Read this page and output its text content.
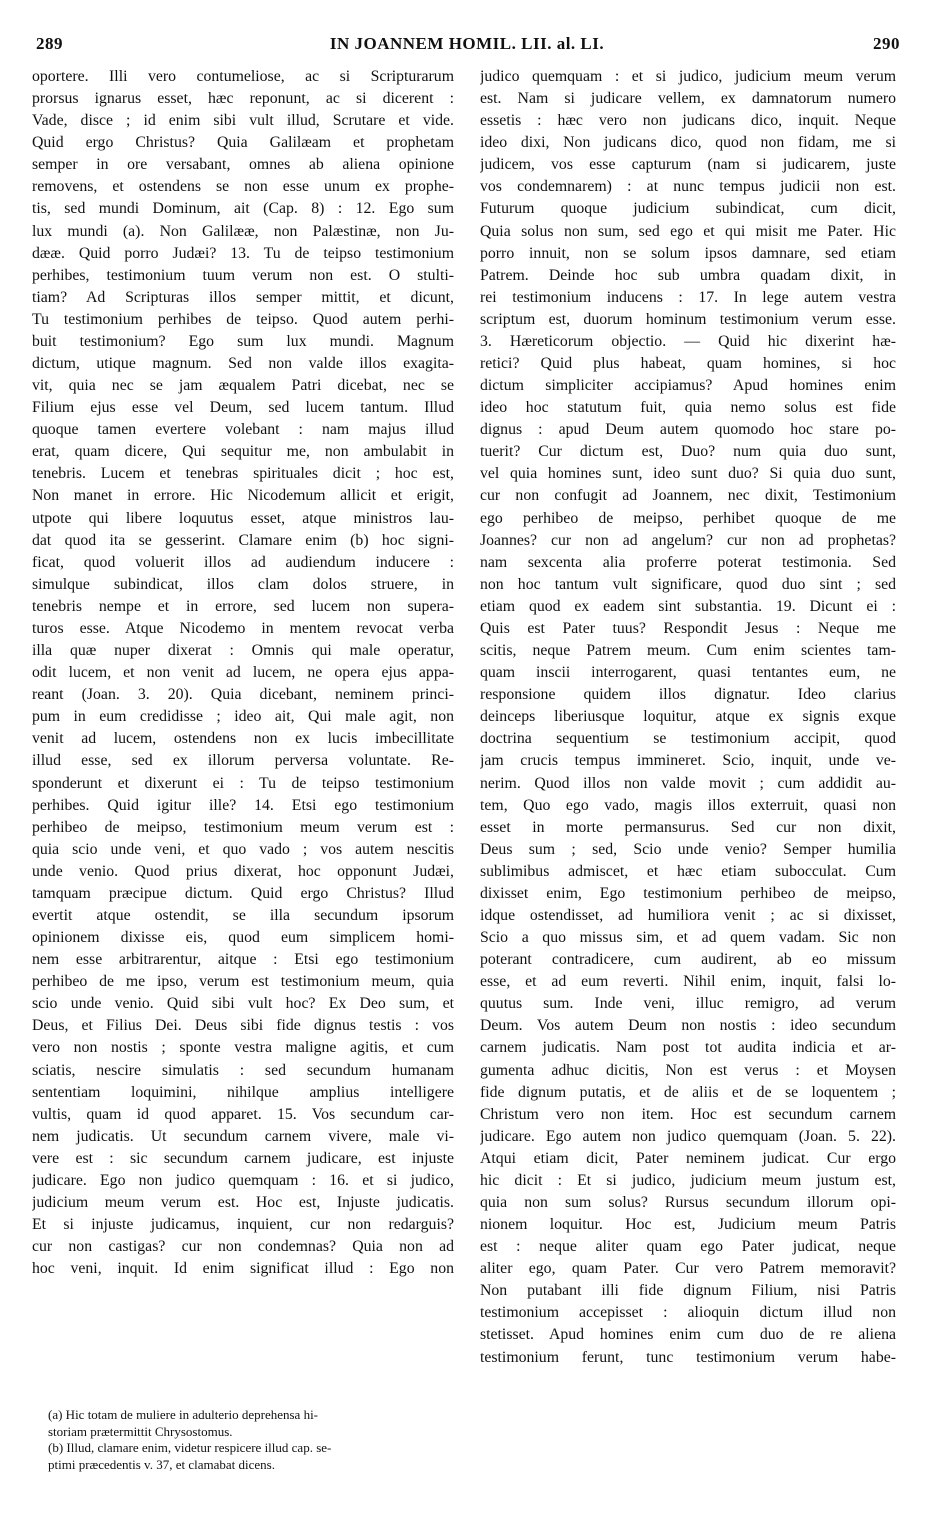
289	IN JOANNEM HOMIL. LII. al. LI.	290
oportere. Illi vero contumeliose, ac si Scripturarum
prorsus ignarus esset, hæc reponunt, ac si dicerent :
Vade, disce ; id enim sibi vult illud, Scrutare et vide.
Quid ergo Christus? Quia Galilæam et prophetam
semper in ore versabant, omnes ab aliena opinione
removens, et ostendens se non esse unum ex prophe-
tis, sed mundi Dominum, ait (Cap. 8) : 12. Ego sum
lux mundi (a). Non Galilææ, non Palæstinæ, non Ju-
dææ. Quid porro Judæi? 13. Tu de teipso testimonium
perhibes, testimonium tuum verum non est. O stulti-
tiam? Ad Scripturas illos semper mittit, et dicunt,
Tu testimonium perhibes de teipso. Quod autem perhi-
buit testimonium? Ego sum lux mundi. Magnum
dictum, utique magnum. Sed non valde illos exagita-
vit, quia nec se jam æqualem Patri dicebat, nec se
Filium ejus esse vel Deum, sed lucem tantum. Illud
quoque tamen evertere volebant : nam majus illud
erat, quam dicere, Qui sequitur me, non ambulabit in
tenebris. Lucem et tenebras spirituales dicit ; hoc est,
Non manet in errore. Hic Nicodemum allicit et erigit,
utpote qui libere loquutus esset, atque ministros lau-
dat quod ita se gesserint. Clamare enim (b) hoc signi-
ficat, quod voluerit illos ad audiendum inducere :
simulque subindicat, illos clam dolos struere, in
tenebris nempe et in errore, sed lucem non supera-
turos esse. Atque Nicodemo in mentem revocat verba
illa quæ nuper dixerat : Omnis qui male operatur,
odit lucem, et non venit ad lucem, ne opera ejus appa-
reant (Joan. 3. 20). Quia dicebant, neminem princi-
pum in eum credidisse ; ideo ait, Qui male agit, non
venit ad lucem, ostendens non ex lucis imbecillitate
illud esse, sed ex illorum perversa voluntate. Re-
sponderunt et dixerunt ei : Tu de teipso testimonium
perhibes. Quid igitur ille? 14. Etsi ego testimonium
perhibeo de meipso, testimonium meum verum est :
quia scio unde veni, et quo vado ; vos autem nescitis
unde venio. Quod prius dixerat, hoc opponunt Judæi,
tamquam præcipue dictum. Quid ergo Christus? Illud
evertit atque ostendit, se illa secundum ipsorum
opinionem dixisse eis, quod eum simplicem homi-
nem esse arbitrarentur, aitque : Etsi ego testimonium
perhibeo de me ipso, verum est testimonium meum, quia
scio unde venio. Quid sibi vult hoc? Ex Deo sum, et
Deus, et Filius Dei. Deus sibi fide dignus testis : vos
vero non nostis ; sponte vestra maligne agitis, et cum
sciatis, nescire simulatis : sed secundum humanam
sententiam loquimini, nihilque amplius intelligere
vultis, quam id quod apparet. 15. Vos secundum car-
nem judicatis. Ut secundum carnem vivere, male vi-
vere est : sic secundum carnem judicare, est injuste
judicare. Ego non judico quemquam : 16. et si judico,
judicium meum verum est. Hoc est, Injuste judicatis.
Et si injuste judicamus, inquient, cur non redarguis?
cur non castigas? cur non condemnas? Quia non ad
hoc veni, inquit. Id enim significat illud : Ego non
judico quemquam : et si judico, judicium meum verum
est. Nam si judicare vellem, ex damnatorum numero
essetis : hæc vero non judicans dico, inquit. Neque
ideo dixi, Non judicans dico, quod non fidam, me si
judicem, vos esse capturum (nam si judicarem, juste
vos condemnarem) : at nunc tempus judicii non est.
Futurum quoque judicium subindicat, cum dicit,
Quia solus non sum, sed ego et qui misit me Pater. Hic
porro innuit, non se solum ipsos damnare, sed etiam
Patrem. Deinde hoc sub umbra quadam dixit, in
rei testimonium inducens : 17. In lege autem vestra
scriptum est, duorum hominum testimonium verum esse.
3. Hæreticorum objectio. — Quid hic dixerint hæ-
retici? Quid plus habeat, quam homines, si hoc
dictum simpliciter accipiamus? Apud homines enim
ideo hoc statutum fuit, quia nemo solus est fide
dignus : apud Deum autem quomodo hoc stare po-
tuerit? Cur dictum est, Duo? num quia duo sunt,
vel quia homines sunt, ideo sunt duo? Si quia duo sunt,
cur non confugit ad Joannem, nec dixit, Testimonium
ego perhibeo de meipso, perhibet quoque de me
Joannes? cur non ad angelum? cur non ad prophetas?
nam sexcenta alia proferre poterat testimonia. Sed
non hoc tantum vult significare, quod duo sint ; sed
etiam quod ex eadem sint substantia. 19. Dicunt ei :
Quis est Pater tuus? Respondit Jesus : Neque me
scitis, neque Patrem meum. Cum enim scientes tam-
quam inscii interrogarent, quasi tentantes eum, ne
responsione quidem illos dignatur. Ideo clarius
deinceps liberiusque loquitur, atque ex signis exque
doctrina sequentium se testimonium accipit, quod
jam crucis tempus immineret. Scio, inquit, unde ve-
nerim. Quod illos non valde movit ; cum addidit au-
tem, Quo ego vado, magis illos exterruit, quasi non
esset in morte permansurus. Sed cur non dixit,
Deus sum ; sed, Scio unde venio? Semper humilia
sublimibus admiscet, et hæc etiam subocculat. Cum
dixisset enim, Ego testimonium perhibeo de meipso,
idque ostendisset, ad humiliora venit ; ac si dixisset,
Scio a quo missus sim, et ad quem vadam. Sic non
poterant contradicere, cum audirent, ab eo missum
esse, et ad eum reverti. Nihil enim, inquit, falsi lo-
quutus sum. Inde veni, illuc remigro, ad verum
Deum. Vos autem Deum non nostis : ideo secundum
carnem judicatis. Nam post tot audita indicia et ar-
gumenta adhuc dicitis, Non est verus : et Moysen
fide dignum putatis, et de aliis et de se loquentem ;
Christum vero non item. Hoc est secundum carnem
judicare. Ego autem non judico quemquam (Joan. 5. 22).
Atqui etiam dicit, Pater neminem judicat. Cur ergo
hic dicit : Et si judico, judicium meum justum est,
quia non sum solus? Rursus secundum illorum opi-
nionem loquitur. Hoc est, Judicium meum Patris
est : neque aliter quam ego Pater judicat, neque
aliter ego, quam Pater. Cur vero Patrem memoravit?
Non putabant illi fide dignum Filium, nisi Patris
testimonium accepisset : alioquin dictum illud non
stetisset. Apud homines enim cum duo de re aliena
testimonium ferunt, tunc testimonium verum habe-
(a) Hic totam de muliere in adulterio deprehensa hi-
storiam prætermittit Chrysostomus.
(b) Illud, clamare enim, videtur respicere illud cap. se-
ptimi præcedentis v. 37, et clamabat dicens.
